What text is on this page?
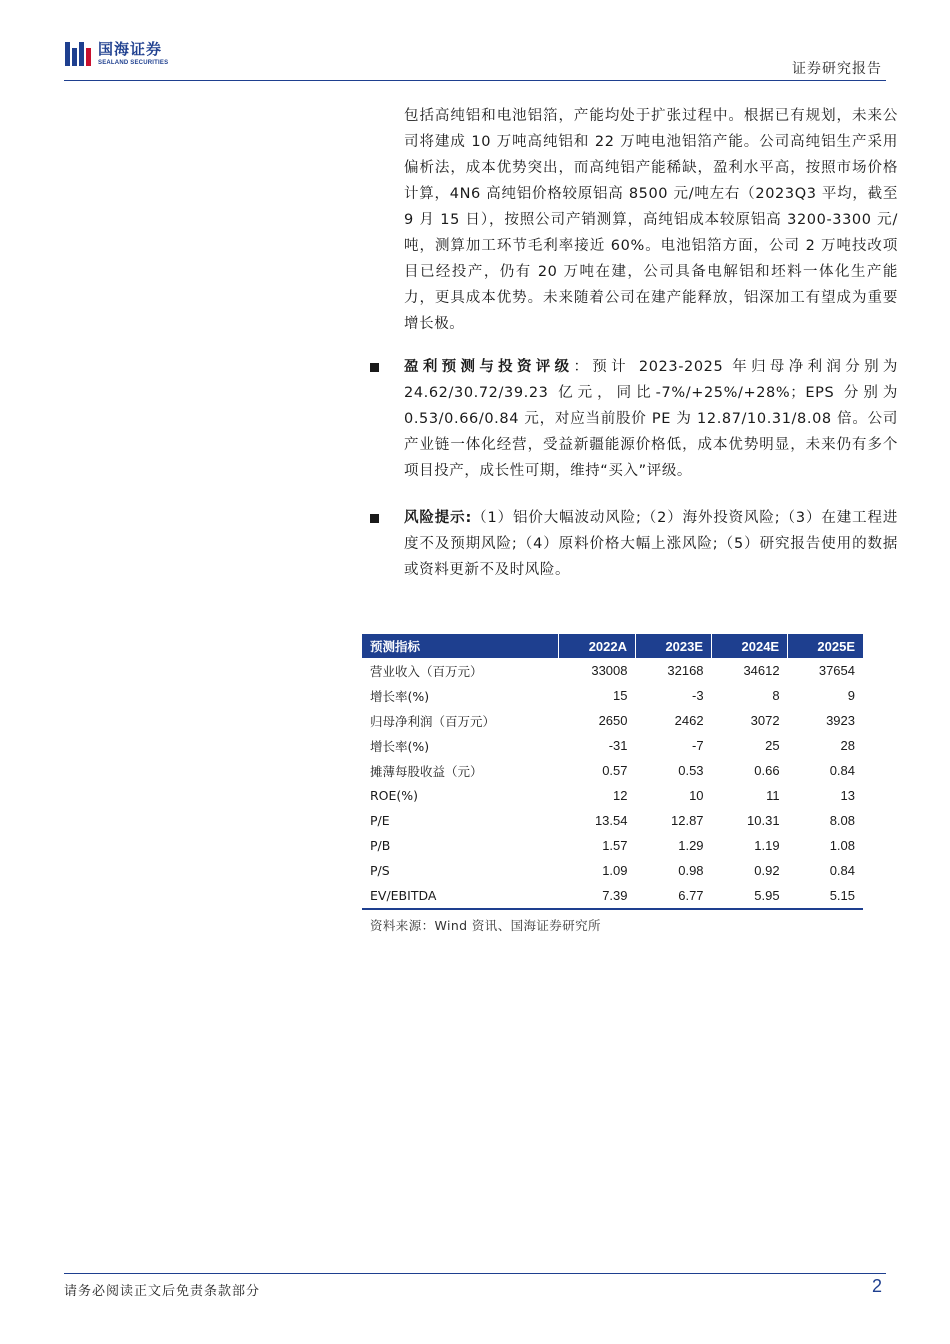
国海证券
SEALAND SECURITIES	证券研究报告
包括高纯铝和电池铝箔，产能均处于扩张过程中。根据已有规划，未来公司将建成 10 万吨高纯铝和 22 万吨电池铝箔产能。公司高纯铝生产采用偏析法，成本优势突出，而高纯铝产能稀缺，盈利水平高，按照市场价格计算，4N6 高纯铝价格较原铝高 8500 元/吨左右（2023Q3 平均，截至 9 月 15 日），按照公司产销测算，高纯铝成本较原铝高 3200-3300 元/吨，测算加工环节毛利率接近 60%。电池铝箔方面，公司 2 万吨技改项目已经投产，仍有 20 万吨在建，公司具备电解铝和坯料一体化生产能力，更具成本优势。未来随着公司在建产能释放，铝深加工有望成为重要增长极。
盈利预测与投资评级：预计 2023-2025 年归母净利润分别为 24.62/30.72/39.23 亿元，同比-7%/+25%/+28%；EPS 分别为 0.53/0.66/0.84 元，对应当前股价 PE 为 12.87/10.31/8.08 倍。公司产业链一体化经营，受益新疆能源价格低，成本优势明显，未来仍有多个项目投产，成长性可期，维持“买入”评级。
风险提示:（1）铝价大幅波动风险;（2）海外投资风险;（3）在建工程进度不及预期风险;（4）原料价格大幅上涨风险;（5）研究报告使用的数据或资料更新不及时风险。
预测指标	2022A	2023E	2024E	2025E
营业收入（百万元）	33008	32168	34612	37654
增长率(%)	15	-3	8	9
归母净利润（百万元）	2650	2462	3072	3923
增长率(%)	-31	-7	25	28
摊薄每股收益（元）	0.57	0.53	0.66	0.84
ROE(%)	12	10	11	13
P/E	13.54	12.87	10.31	8.08
P/B	1.57	1.29	1.19	1.08
P/S	1.09	0.98	0.92	0.84
EV/EBITDA	7.39	6.77	5.95	5.15
资料来源：Wind 资讯、国海证券研究所
请务必阅读正文后免责条款部分	2
